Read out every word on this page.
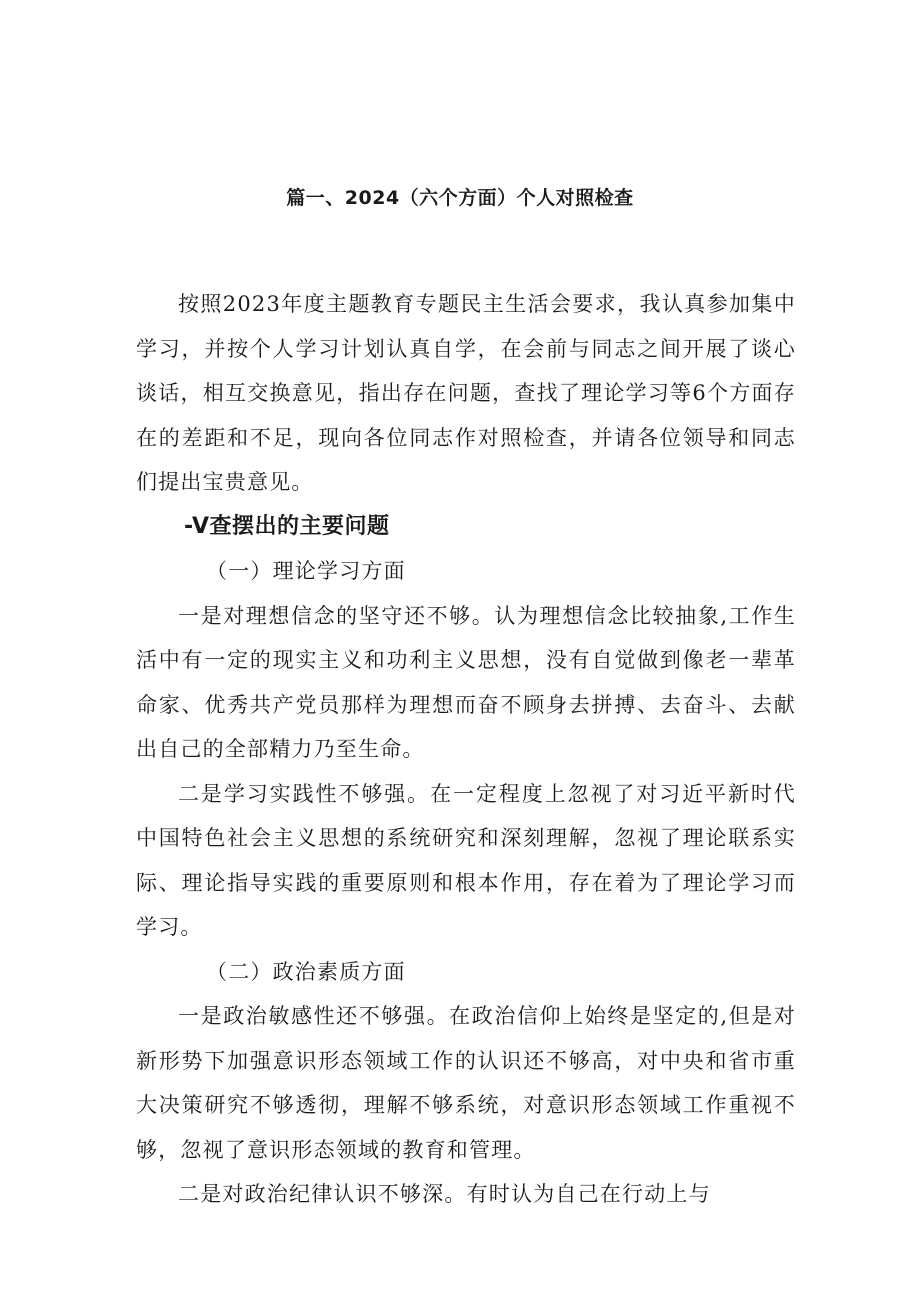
篇一、2024（六个方面）个人对照检查

按照2023年度主题教育专题民主生活会要求，我认真参加集中学习，并按个人学习计划认真自学，在会前与同志之间开展了谈心谈话，相互交换意见，指出存在问题，查找了理论学习等6个方面存在的差距和不足，现向各位同志作对照检查，并请各位领导和同志们提出宝贵意见。

-V查摆出的主要问题

（一）理论学习方面

一是对理想信念的坚守还不够。认为理想信念比较抽象,工作生活中有一定的现实主义和功利主义思想，没有自觉做到像老一辈革命家、优秀共产党员那样为理想而奋不顾身去拼搏、去奋斗、去献出自己的全部精力乃至生命。

二是学习实践性不够强。在一定程度上忽视了对习近平新时代中国特色社会主义思想的系统研究和深刻理解，忽视了理论联系实际、理论指导实践的重要原则和根本作用，存在着为了理论学习而学习。

（二）政治素质方面

一是政治敏感性还不够强。在政治信仰上始终是坚定的,但是对新形势下加强意识形态领域工作的认识还不够高，对中央和省市重大决策研究不够透彻，理解不够系统，对意识形态领域工作重视不够，忽视了意识形态领域的教育和管理。

二是对政治纪律认识不够深。有时认为自己在行动上与
